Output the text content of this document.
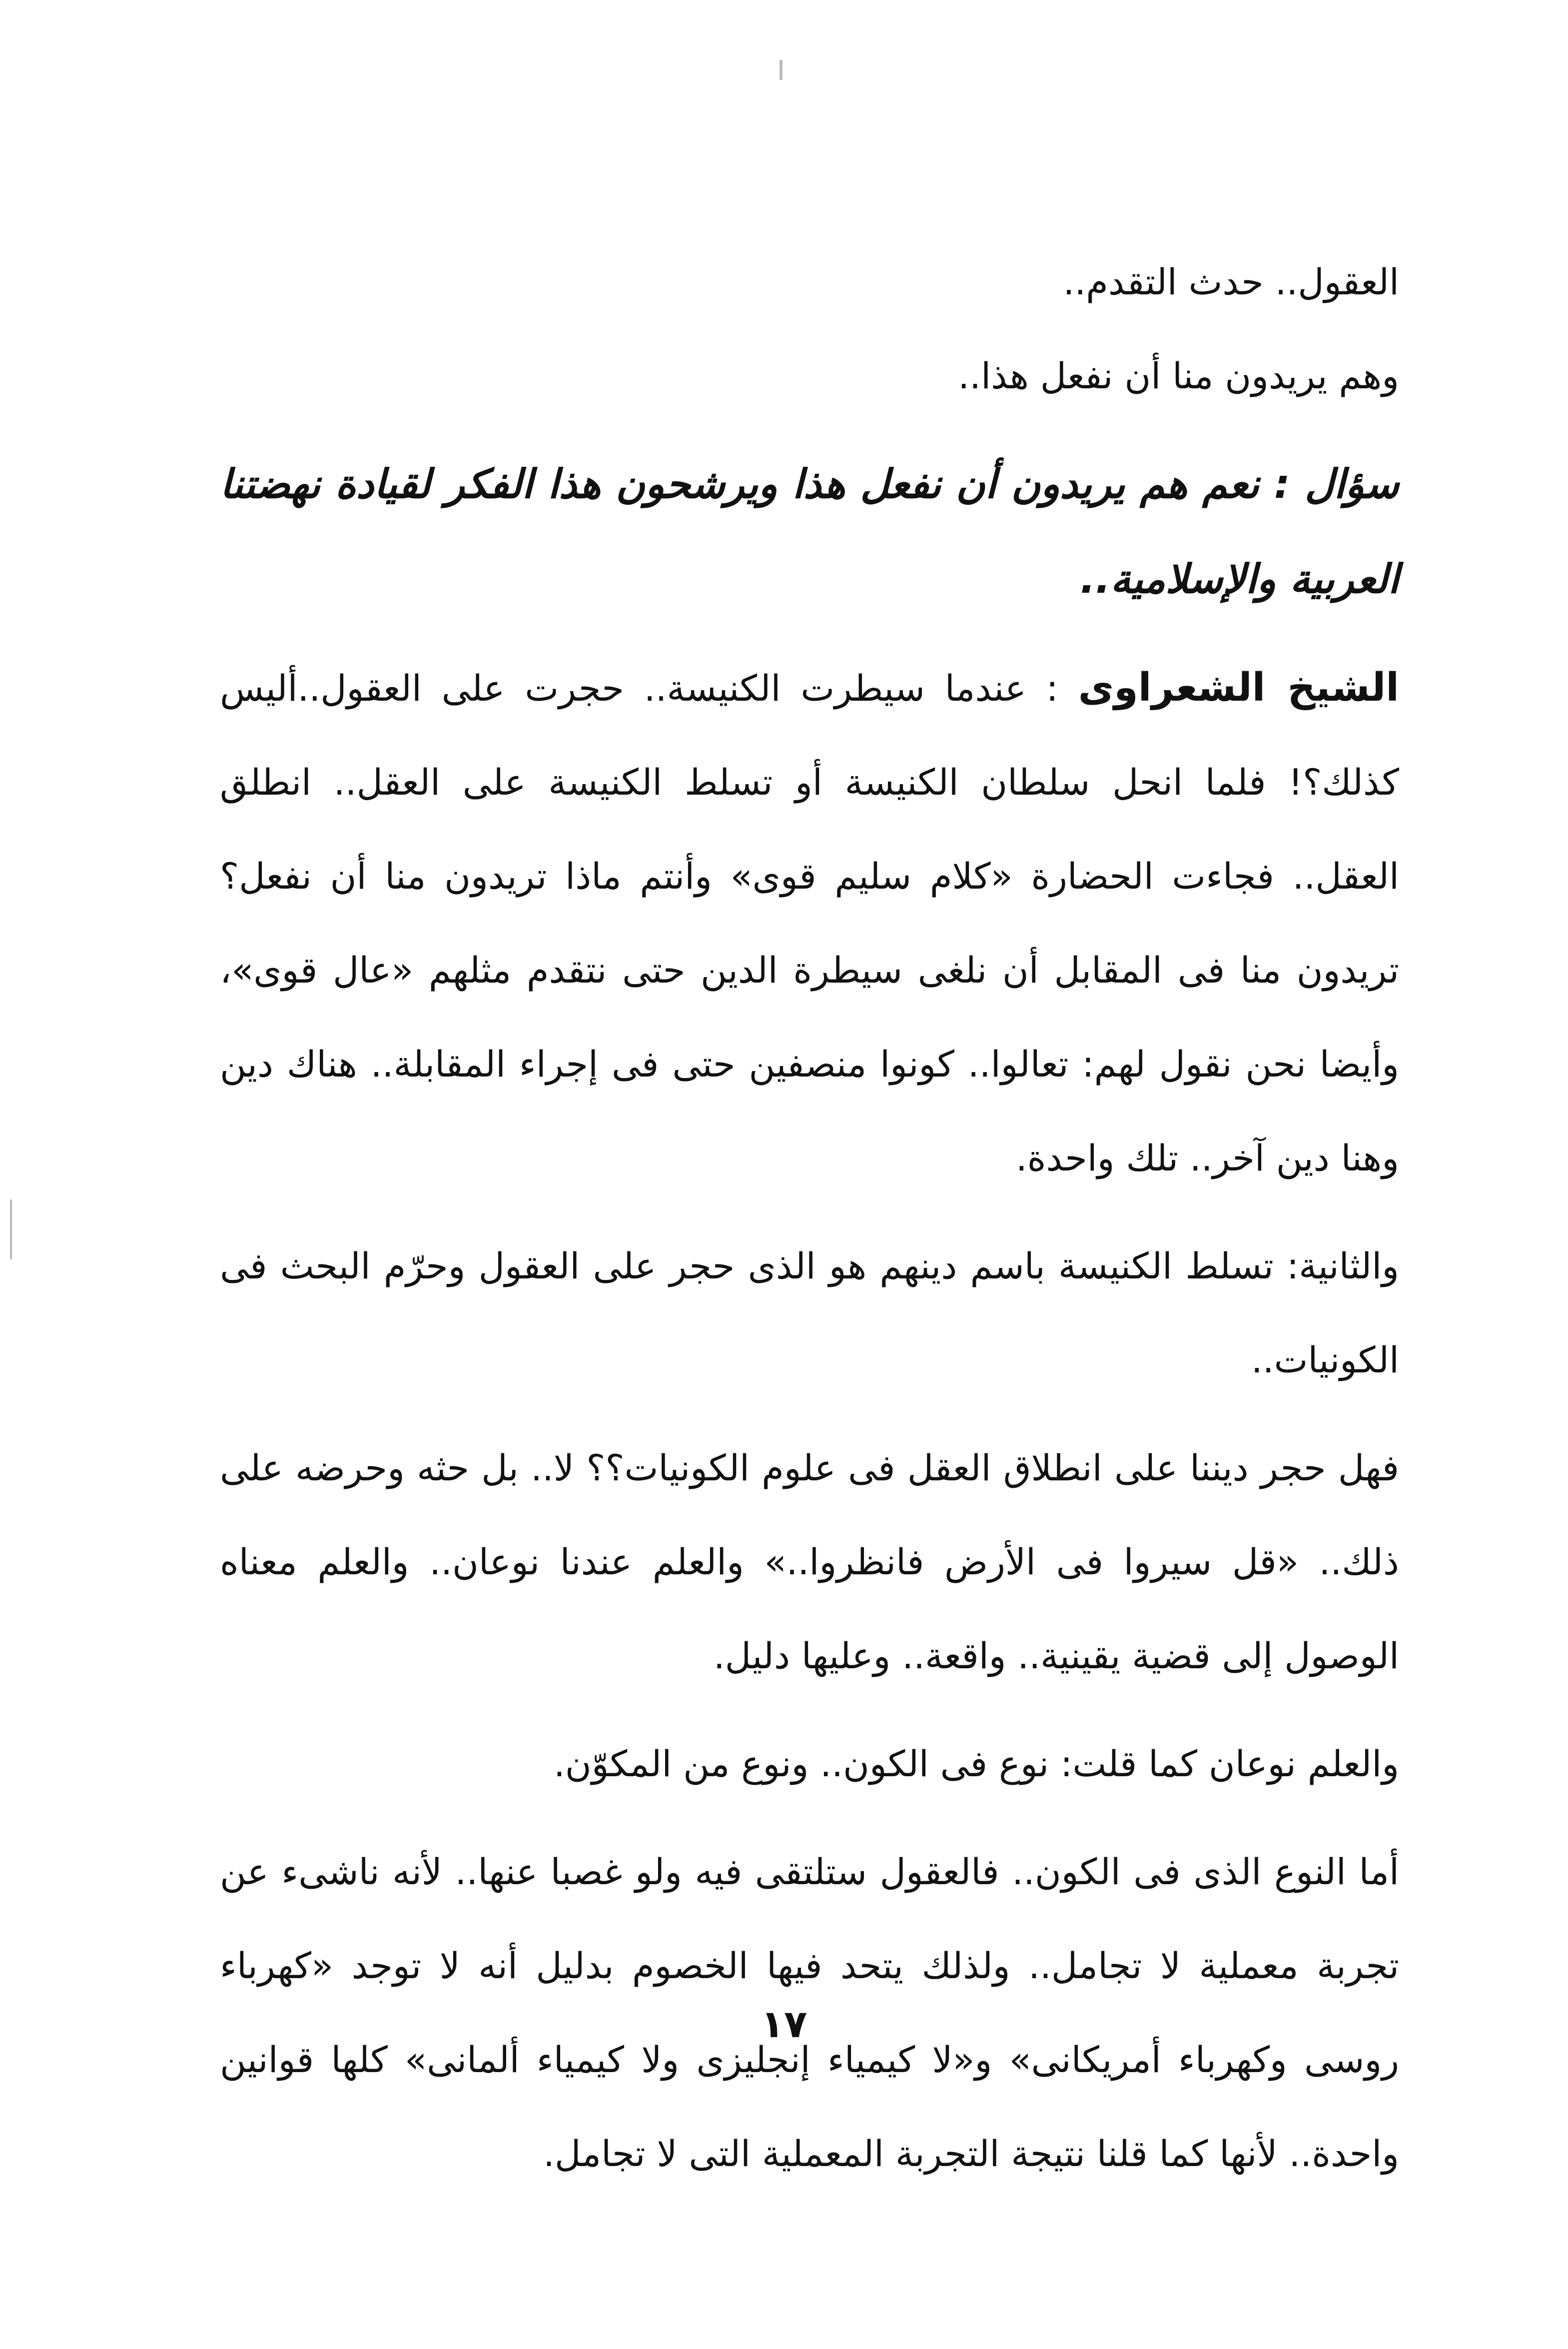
العقول.. حدث التقدم..

وهم يريدون منا أن نفعل هذا..

سؤال : نعم هم يريدون أن نفعل هذا ويرشحون هذا الفكر لقيادة نهضتنا العربية والإسلامية..

الشيخ الشعراوى : عندما سيطرت الكنيسة.. حجرت على العقول..أليس كذلك؟! فلما انحل سلطان الكنيسة أو تسلط الكنيسة على العقل.. انطلق العقل.. فجاءت الحضارة «كلام سليم قوى» وأنتم ماذا تريدون منا أن نفعل؟ تريدون منا فى المقابل أن نلغى سيطرة الدين حتى نتقدم مثلهم «عال قوى»، وأيضا نحن نقول لهم: تعالوا.. كونوا منصفين حتى فى إجراء المقابلة.. هناك دين وهنا دين آخر.. تلك واحدة.

والثانية: تسلط الكنيسة باسم دينهم هو الذى حجر على العقول وحرّم البحث فى الكونيات..

فهل حجر ديننا على انطلاق العقل فى علوم الكونيات؟؟ لا.. بل حثه وحرضه على ذلك.. «قل سيروا فى الأرض فانظروا..» والعلم عندنا نوعان.. والعلم معناه الوصول إلى قضية يقينية.. واقعة.. وعليها دليل.

والعلم نوعان كما قلت: نوع فى الكون.. ونوع من المكوّن.

أما النوع الذى فى الكون.. فالعقول ستلتقى فيه ولو غصبا عنها.. لأنه ناشىء عن تجربة معملية لا تجامل.. ولذلك يتحد فيها الخصوم بدليل أنه لا توجد «كهرباء روسى وكهرباء أمريكانى» و«لا كيمياء إنجليزى ولا كيمياء ألمانى» كلها قوانين واحدة.. لأنها كما قلنا نتيجة التجربة المعملية التى لا تجامل.

١٧
